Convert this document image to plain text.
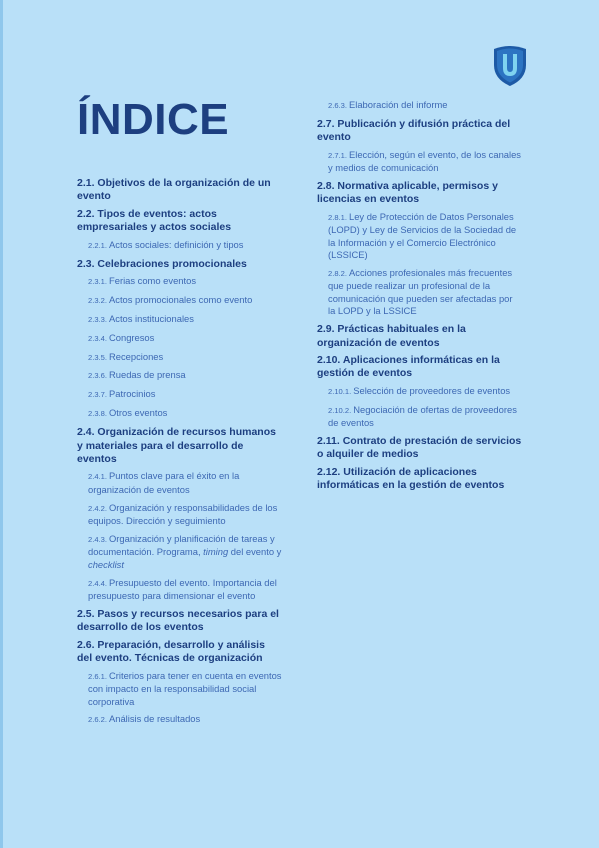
ÍNDICE

2.1. Objetivos de la organización de un evento

2.2. Tipos de eventos: actos empresariales y actos sociales

2.2.1. Actos sociales: definición y tipos

2.3. Celebraciones promocionales

2.3.1. Ferias como eventos

2.3.2. Actos promocionales como evento

2.3.3. Actos institucionales

2.3.4. Congresos

2.3.5. Recepciones

2.3.6. Ruedas de prensa

2.3.7. Patrocinios

2.3.8. Otros eventos

2.4. Organización de recursos humanos y materiales para el desarrollo de eventos

2.4.1. Puntos clave para el éxito en la organización de eventos

2.4.2. Organización y responsabilidades de los equipos. Dirección y seguimiento

2.4.3. Organización y planificación de tareas y documentación. Programa, timing del evento y checklist

2.4.4. Presupuesto del evento. Importancia del presupuesto para dimensionar el evento

2.5. Pasos y recursos necesarios para el desarrollo de los eventos

2.6. Preparación, desarrollo y análisis del evento. Técnicas de organización

2.6.1. Criterios para tener en cuenta en eventos con impacto en la responsabilidad social corporativa

2.6.2. Análisis de resultados

2.6.3. Elaboración del informe

2.7. Publicación y difusión práctica del evento

2.7.1. Elección, según el evento, de los canales y medios de comunicación

2.8. Normativa aplicable, permisos y licencias en eventos

2.8.1. Ley de Protección de Datos Personales (LOPD) y Ley de Servicios de la Sociedad de la Información y el Comercio Electrónico (LSSICE)

2.8.2. Acciones profesionales más frecuentes que puede realizar un profesional de la comunicación que pueden ser afectadas por la LOPD y la LSSICE

2.9. Prácticas habituales en la organización de eventos

2.10. Aplicaciones informáticas en la gestión de eventos

2.10.1. Selección de proveedores de eventos

2.10.2. Negociación de ofertas de proveedores de eventos

2.11. Contrato de prestación de servicios o alquiler de medios

2.12. Utilización de aplicaciones informáticas en la gestión de eventos
